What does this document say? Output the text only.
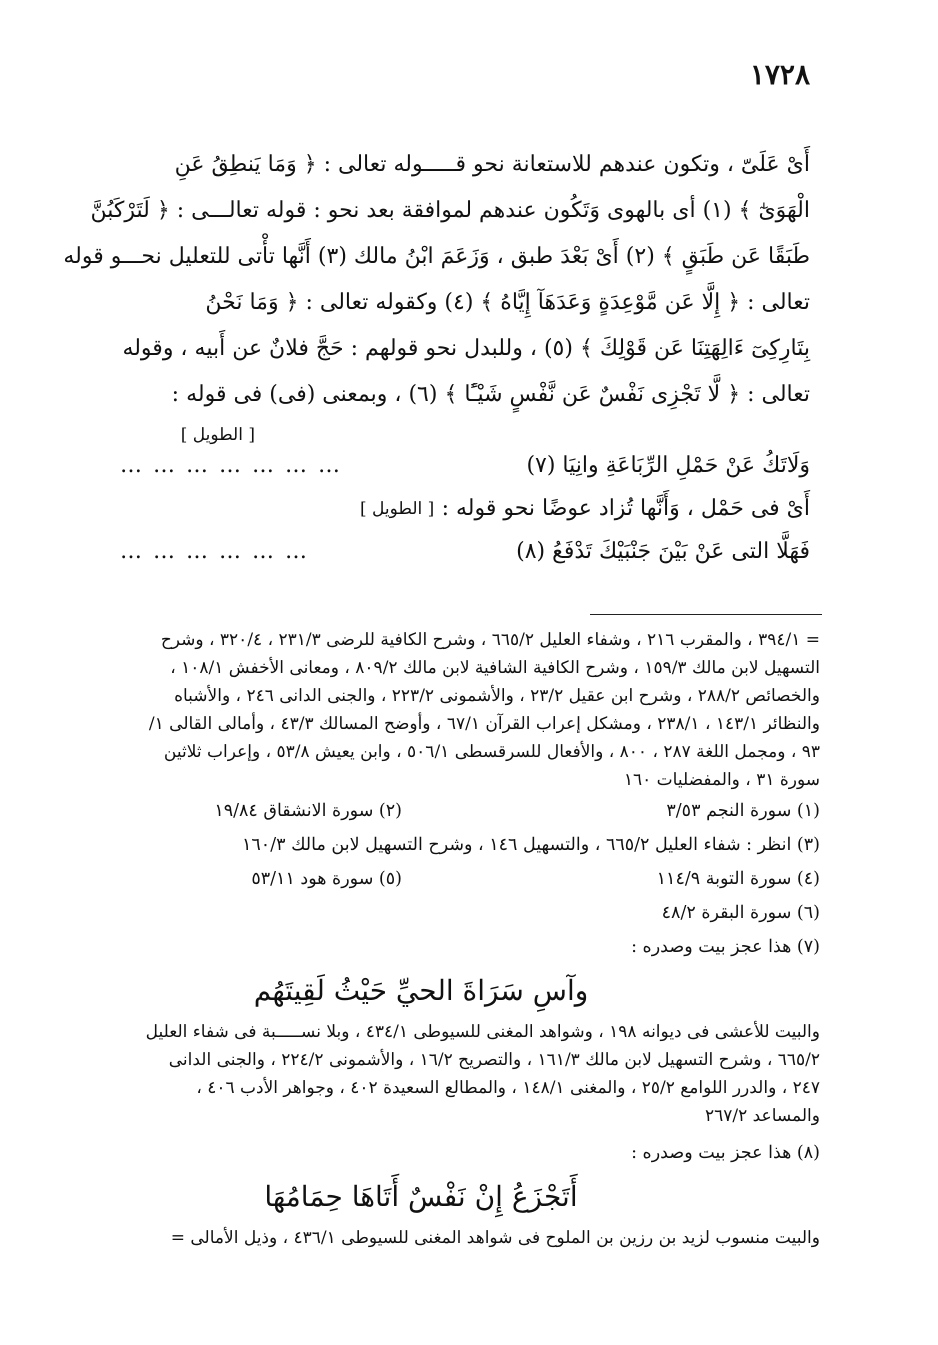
١٧٢٨
أَىْ عَلَىّ ، وتكون عندهم للاستعانة نحو قـــــوله تعالى : ﴿ وَمَا يَنطِقُ عَنِ
الْهَوَىٰٓ ﴾ (١) أى بالهوى وَتَكُون عندهم لموافقة بعد نحو : قوله تعالـــى : ﴿ لَتَرْكَبُنَّ
طَبَقًا عَن طَبَقٍ ﴾ (٢) أَىْ بَعْدَ طبق ، وَزَعَمَ ابْنُ مالك (٣) أَنَّها تأْتى للتعليل نحـــو قوله
تعالى : ﴿ إِلَّا عَن مَّوْعِدَةٍ وَعَدَهَآ إِيَّاهُ ﴾ (٤) وكقوله تعالى : ﴿ وَمَا نَحْنُ
بِتَارِكِىٓ ءَالِهَتِنَا عَن قَوْلِكَ ﴾ (٥) ، وللبدل نحو قولهم : حَجَّ فلانٌ عن أَبيه ، وقوله
تعالى : ﴿ لَّا تَجْزِى نَفْسٌ عَن نَّفْسٍ شَيْـًٔا ﴾ (٦) ، وبمعنى (فى) فى قوله :
[ الطويل ]
وَلَاتَكُ عَنْ حَمْلِ الرِّبَاعَةِ وانِيَا (٧)
… … … … … … …
أَىْ فى حَمْل ، وَأَنَّها تُزاد عوضًا نحو قوله :
[ الطويل ]
فَهَلَّا التى عَنْ بَيْنَ جَنْبَيْكَ تَدْفَعُ (٨)
… … … … … …
= ٣٩٤/١ ، والمقرب ٢١٦ ، وشفاء العليل ٦٦٥/٢ ، وشرح الكافية للرضى ٢٣١/٣ ، ٣٢٠/٤ ، وشرح
التسهيل لابن مالك ١٥٩/٣ ، وشرح الكافية الشافية لابن مالك ٨٠٩/٢ ، ومعانى الأخفش ١٠٨/١ ،
والخصائص ٢٨٨/٢ ، وشرح ابن عقيل ٢٣/٢ ، والأشمونى ٢٢٣/٢ ، والجنى الدانى ٢٤٦ ، والأشباه
والنظائر ١٤٣/١ ، ٢٣٨/١ ، ومشكل إعراب القرآن ٦٧/١ ، وأوضح المسالك ٤٣/٣ ، وأمالى القالى ١/
٩٣ ، ومجمل اللغة ٢٨٧ ، ٨٠٠ ، والأفعال للسرقسطى ٥٠٦/١ ، وابن يعيش ٥٣/٨ ، وإعراب ثلاثين
سورة ٣١ ، والمفضليات ١٦٠
(١) سورة النجم ٣/٥٣
(٢) سورة الانشقاق ١٩/٨٤
(٣) انظر : شفاء العليل ٦٦٥/٢ ، والتسهيل ١٤٦ ، وشرح التسهيل لابن مالك ١٦٠/٣
(٤) سورة التوبة ١١٤/٩
(٥) سورة هود ٥٣/١١
(٦) سورة البقرة ٤٨/٢
(٧) هذا عجز بيت وصدره :
وآسِ سَرَاةَ الحيِّ حَيْثُ لَقِيتَهُم
والبيت للأعشى فى ديوانه ١٩٨ ، وشواهد المغنى للسيوطى ٤٣٤/١ ، وبلا نســـــبة فى شفاء العليل
٦٦٥/٢ ، وشرح التسهيل لابن مالك ١٦١/٣ ، والتصريح ١٦/٢ ، والأشمونى ٢٢٤/٢ ، والجنى الدانى
٢٤٧ ، والدرر اللوامع ٢٥/٢ ، والمغنى ١٤٨/١ ، والمطالع السعيدة ٤٠٢ ، وجواهر الأدب ٤٠٦ ،
والمساعد ٢٦٧/٢
(٨) هذا عجز بيت وصدره :
أَتَجْزَعُ إِنْ نَفْسٌ أَتَاهَا حِمَامُهَا
والبيت منسوب لزيد بن رزين بن الملوح فى شواهد المغنى للسيوطى ٤٣٦/١ ، وذيل الأمالى =
